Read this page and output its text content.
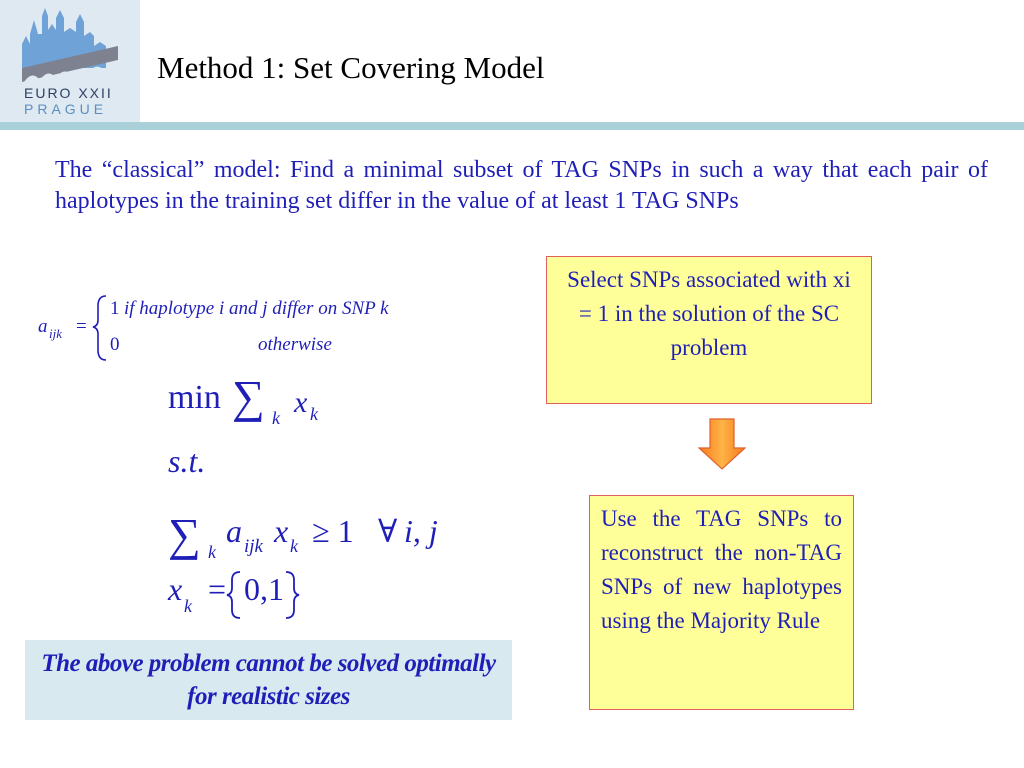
EURO XXII
PRAGUE
Method 1: Set Covering Model
The “classical” model: Find a minimal subset of TAG SNPs in such a way that each pair of haplotypes in the training set differ in the value of at least 1 TAG SNPs
a ijk =
1 if haplotype i and j differ on SNP k
0	otherwise
min ∑ k x k
s.t.
∑ k
a ijk x k ≥ 1 ∀ i, j
x k = 0,1
Select SNPs associated with xi = 1 in the solution of the SC problem
Use the TAG SNPs to reconstruct the non-TAG SNPs of new haplotypes using the Majority Rule
The above problem cannot be solved optimally for realistic sizes
